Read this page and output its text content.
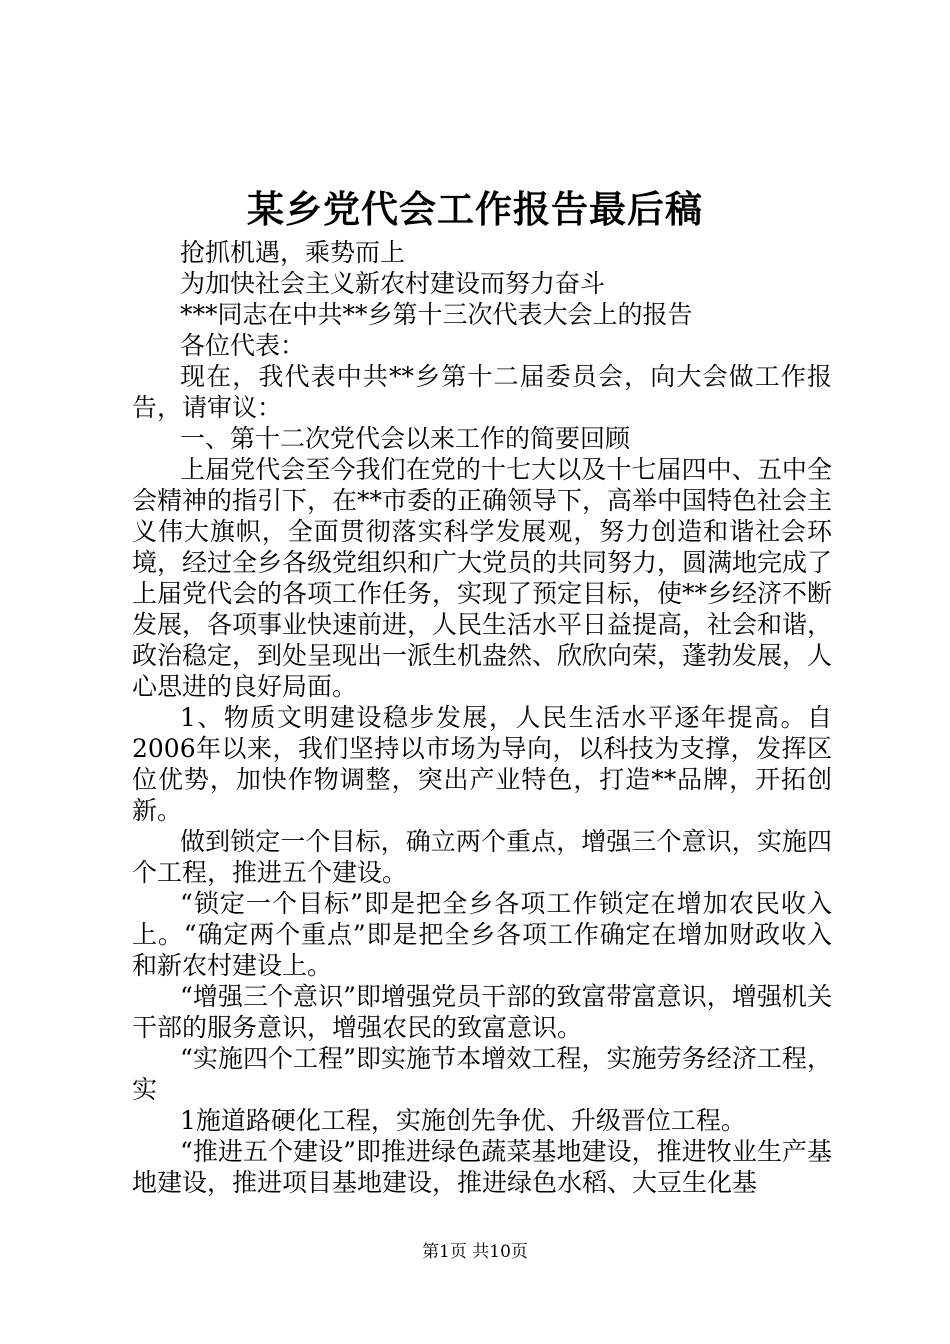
某乡党代会工作报告最后稿

抢抓机遇，乘势而上

为加快社会主义新农村建设而努力奋斗

***同志在中共**乡第十三次代表大会上的报告

各位代表：

现在，我代表中共**乡第十二届委员会，向大会做工作报告，请审议：

一、第十二次党代会以来工作的简要回顾

上届党代会至今我们在党的十七大以及十七届四中、五中全会精神的指引下，在**市委的正确领导下，高举中国特色社会主义伟大旗帜，全面贯彻落实科学发展观，努力创造和谐社会环境，经过全乡各级党组织和广大党员的共同努力，圆满地完成了上届党代会的各项工作任务，实现了预定目标，使**乡经济不断发展，各项事业快速前进，人民生活水平日益提高，社会和谐，政治稳定，到处呈现出一派生机盎然、欣欣向荣，蓬勃发展，人心思进的良好局面。

1、物质文明建设稳步发展，人民生活水平逐年提高。自2006年以来，我们坚持以市场为导向，以科技为支撑，发挥区位优势，加快作物调整，突出产业特色，打造**品牌，开拓创新。

做到锁定一个目标，确立两个重点，增强三个意识，实施四个工程，推进五个建设。

“锁定一个目标”即是把全乡各项工作锁定在增加农民收入上。“确定两个重点”即是把全乡各项工作确定在增加财政收入和新农村建设上。

“增强三个意识”即增强党员干部的致富带富意识，增强机关干部的服务意识，增强农民的致富意识。

“实施四个工程”即实施节本增效工程，实施劳务经济工程，实

1施道路硬化工程，实施创先争优、升级晋位工程。

“推进五个建设”即推进绿色蔬菜基地建设，推进牧业生产基地建设，推进项目基地建设，推进绿色水稻、大豆生化基

第1页 共10页
